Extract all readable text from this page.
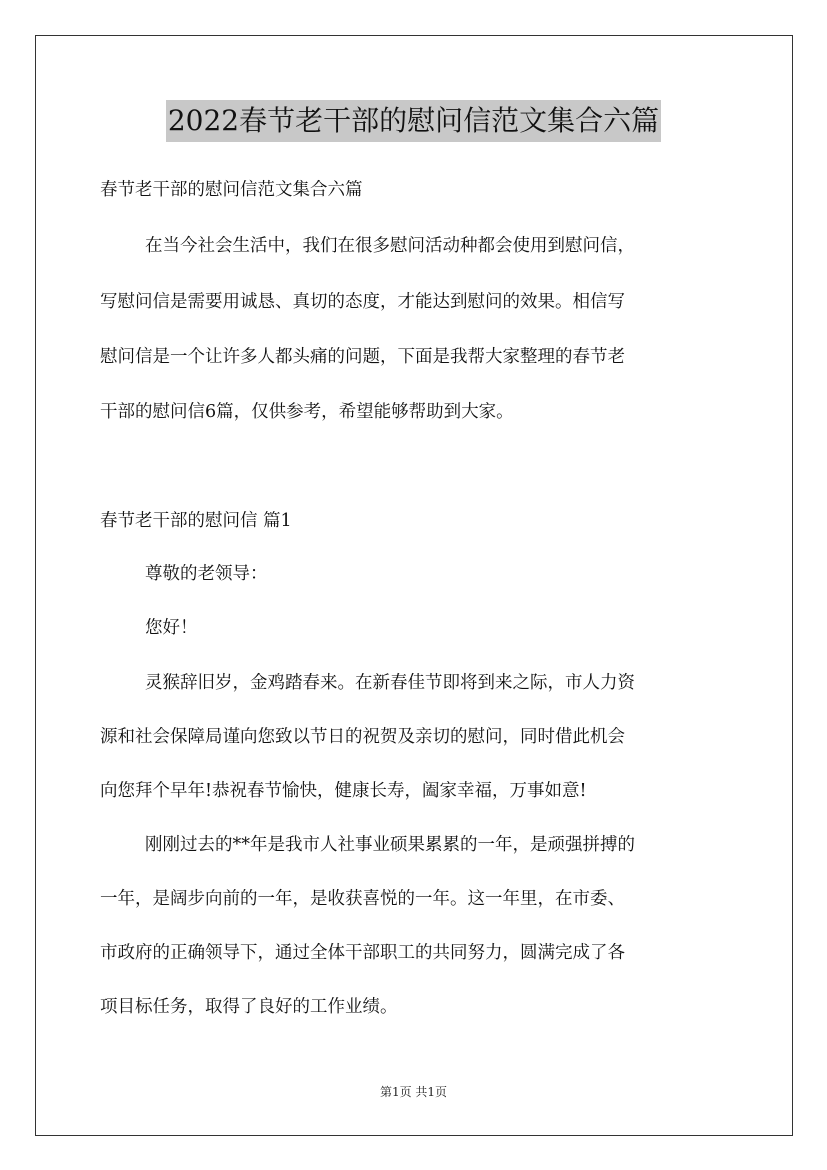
2022春节老干部的慰问信范文集合六篇
春节老干部的慰问信范文集合六篇
在当今社会生活中，我们在很多慰问活动种都会使用到慰问信，
写慰问信是需要用诚恳、真切的态度，才能达到慰问的效果。相信写
慰问信是一个让许多人都头痛的问题，下面是我帮大家整理的春节老
干部的慰问信6篇，仅供参考，希望能够帮助到大家。
春节老干部的慰问信 篇1
尊敬的老领导：
您好！
灵猴辞旧岁，金鸡踏春来。在新春佳节即将到来之际，市人力资
源和社会保障局谨向您致以节日的祝贺及亲切的慰问，同时借此机会
向您拜个早年!恭祝春节愉快，健康长寿，阖家幸福，万事如意!
刚刚过去的**年是我市人社事业硕果累累的一年，是顽强拼搏的
一年，是阔步向前的一年，是收获喜悦的一年。这一年里，在市委、
市政府的正确领导下，通过全体干部职工的共同努力，圆满完成了各
项目标任务，取得了良好的工作业绩。
第1页 共1页
